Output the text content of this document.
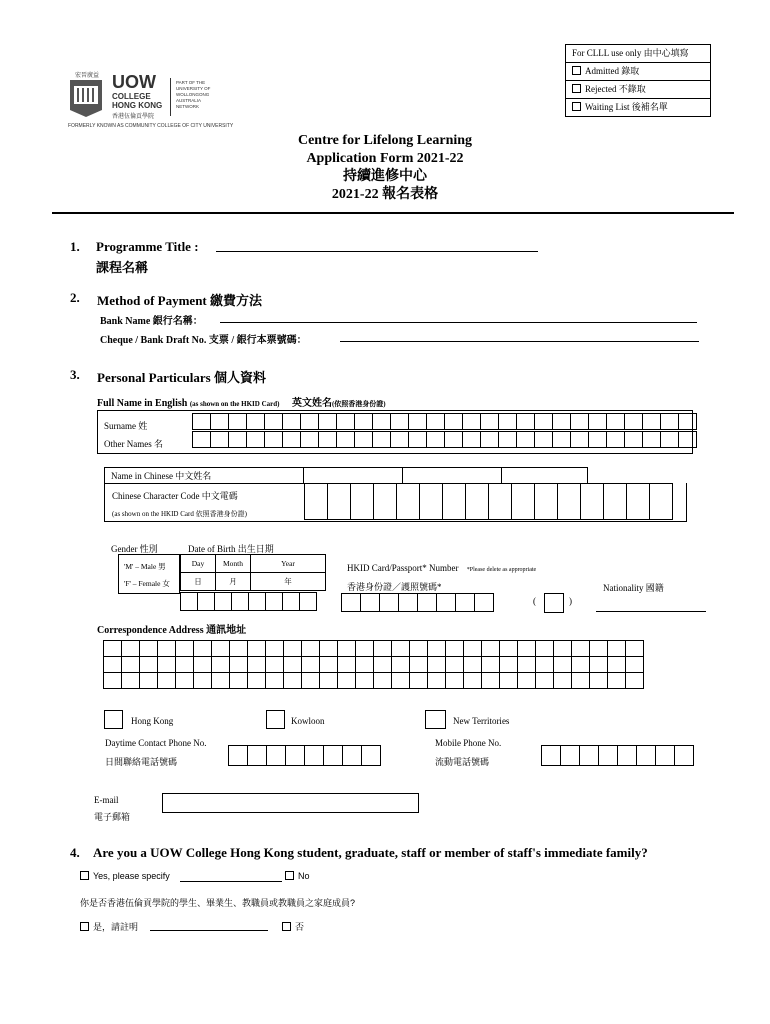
For CLLL use only 由中心填寫
Admitted 錄取
Rejected 不錄取
Waiting List 後補名單
宏晉廣益 UOW
COLLEGE
HONG KONG
香港伍倫貢學院
PART OF THE
UNIVERSITY OF
WOLLONGONG
AUSTRALIA
NETWORK
FORMERLY KNOWN AS COMMUNITY COLLEGE OF CITY UNIVERSITY
Centre for Lifelong Learning
Application Form 2021-22
持續進修中心
2021-22 報名表格
1. Programme Title :
課程名稱
2. Method of Payment 繳費方法
Bank Name 銀行名稱：
Cheque / Bank Draft No. 支票 / 銀行本票號碼：
3. Personal Particulars 個人資料
Full Name in English (as shown on the HKID Card) 英文姓名(依照香港身份證)
Surname 姓
Other Names 名

Name in Chinese 中文姓名			
Chinese Character Code 中文電碼
(as shown on the HKID Card 依照香港身份證)

Gender 性別	Date of Birth 出生日期
'M' – Male 男
'F' – Female 女
Day	Month	Year
日	月	年

HKID Card/Passport* Number *Please delete as appropriate
香港身份證／護照號碼*

(	)
Nationality 國籍
Correspondence Address 通訊地址

Hong Kong	Kowloon	New Territories
Daytime Contact Phone No.
日間聯絡電話號碼

Mobile Phone No.
流動電話號碼

E-mail
電子郵箱
4. Are you a UOW College Hong Kong student, graduate, staff or member of staff's immediate family?
Yes, please specify	No
你是否香港伍倫貢學院的學生、畢業生、教職員或教職員之家庭成員?
是，請註明	否
